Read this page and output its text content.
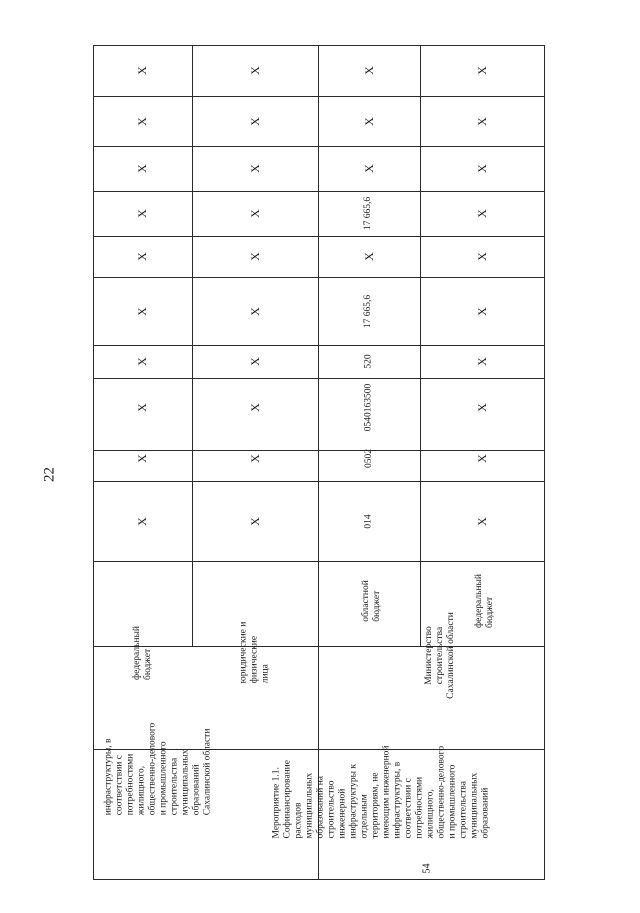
22
инфраструктуры, в
соответствии с
потребностями
жилищного,
общественно-делового
и промышленного
строительства
муниципальных
образований
Сахалинской области
федеральный
бюджет	юридические и
физические
лица
54
Мероприятие 1.1.
Софинансирование
расходов
муниципальных
образований на
строительство
инженерной
инфраструктуры к
отдельным
территориям, не
имеющим инженерной
инфраструктуры, в
соответствии с
потребностями
жилищного,
общественно-делового
и промышленного
строительства
муниципальных
образований
Министерство
строительства
Сахалинской области
областной
бюджет	федеральный
бюджет
X
X
X
X
X
X
X
X
X
X
X
X
X
X
X
X
X
X
X
X
014
0502
0540163500
520
17 665,6
X
17 665,6
X
X
X
X
X
X
X
X
X
X
X
X
X
